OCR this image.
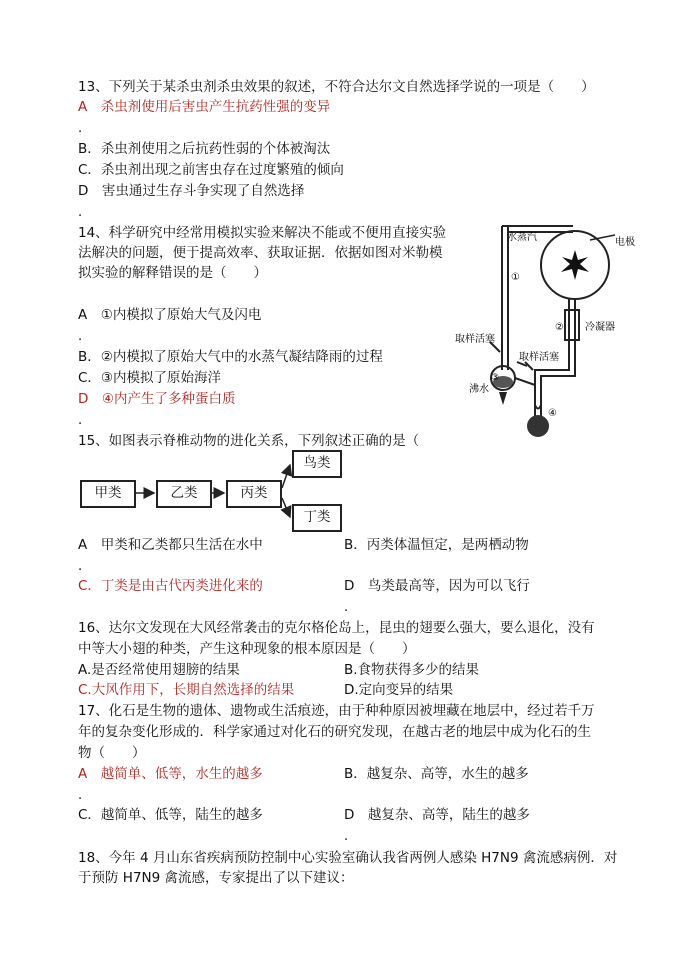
13、下列关于某杀虫剂杀虫效果的叙述，不符合达尔文自然选择学说的一项是（　　）
A　杀虫剂使用后害虫产生抗药性强的变异
.
B．杀虫剂使用之后抗药性弱的个体被淘汰
C．杀虫剂出现之前害虫存在过度繁殖的倾向
D　害虫通过生存斗争实现了自然选择
.
14、科学研究中经常用模拟实验来解决不能或不便用直接实验
法解决的问题，便于提高效率、获取证据．依据如图对米勒模
拟实验的解释错误的是（　　）
A　①内模拟了原始大气及闪电
.
B．②内模拟了原始大气中的水蒸气凝结降雨的过程
C．③内模拟了原始海洋
D　④内产生了多种蛋白质
.
水蒸汽	电极
冷凝器
②
①
取样活塞
取样活塞
沸水
③
④
15、如图表示脊椎动物的进化关系，下列叙述正确的是（
甲类	乙类	丙类
鸟类
丁类
A　甲类和乙类都只生活在水中	B．丙类体温恒定，是两栖动物
.
C．丁类是由古代丙类进化来的	D　鸟类最高等，因为可以飞行
.
16、达尔文发现在大风经常袭击的克尔格伦岛上，昆虫的翅要么强大，要么退化，没有
中等大小翅的种类，产生这种现象的根本原因是（　　）
A.是否经常使用翅膀的结果	B.食物获得多少的结果
C.大风作用下，长期自然选择的结果	D.定向变异的结果
17、化石是生物的遗体、遗物或生活痕迹，由于种种原因被埋藏在地层中，经过若千万
年的复杂变化形成的．科学家通过对化石的研究发现，在越古老的地层中成为化石的生
物（　　）
A　越简单、低等，水生的越多	B．越复杂、高等，水生的越多
.
C．越简单、低等，陆生的越多	D　越复杂、高等，陆生的越多
.
18、今年 4 月山东省疾病预防控制中心实验室确认我省两例人感染 H7N9 禽流感病例．对
于预防 H7N9 禽流感，专家提出了以下建议：
